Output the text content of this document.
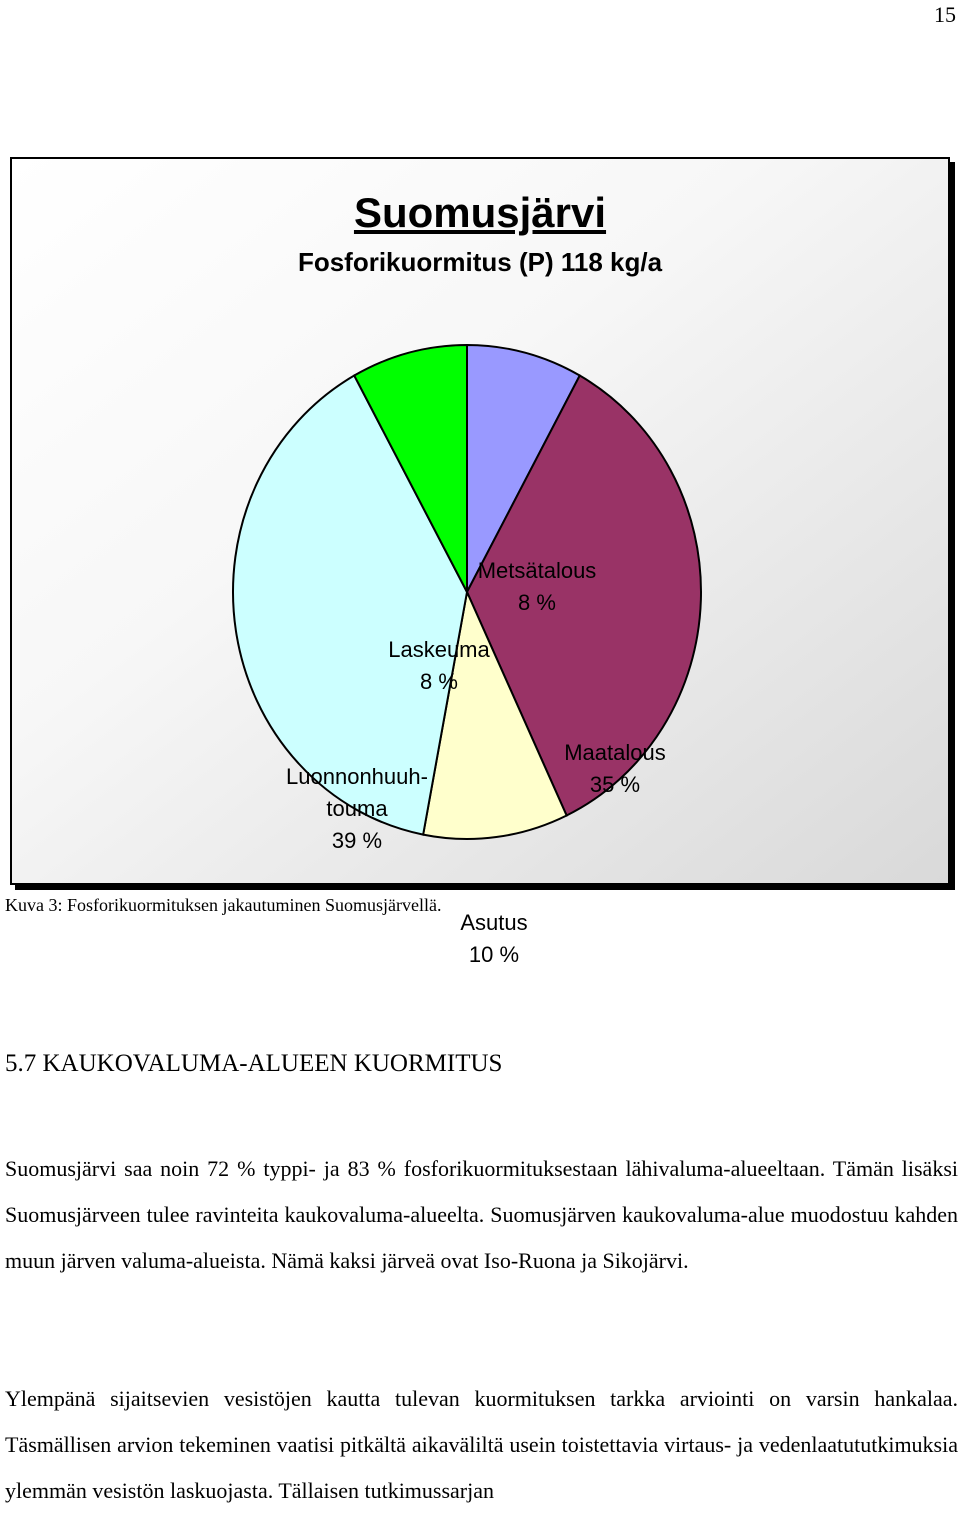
15
Suomusjärvi
Fosforikuormitus (P) 118 kg/a
Metsätalous 8 %
Maatalous 35 %
Asutus 10 %
Luonnonhuuh-touma 39 %
Laskeuma 8 %
Kuva 3: Fosforikuormituksen jakautuminen Suomusjärvellä.
5.7 KAUKOVALUMA-ALUEEN KUORMITUS
Suomusjärvi saa noin 72 % typpi- ja 83 % fosforikuormituksestaan lähivaluma-alueeltaan. Tämän lisäksi Suomusjärveen tulee ravinteita kaukovaluma-alueelta. Suomusjärven kaukovaluma-alue muodostuu kahden muun järven valuma-alueista. Nämä kaksi järveä ovat Iso-Ruona ja Sikojärvi.
Ylempänä sijaitsevien vesistöjen kautta tulevan kuormituksen tarkka arviointi on varsin hankalaa. Täsmällisen arvion tekeminen vaatisi pitkältä aikaväliltä usein toistettavia virtaus- ja vedenlaatututkimuksia ylemmän vesistön laskuojasta. Tällaisen tutkimussarjan
